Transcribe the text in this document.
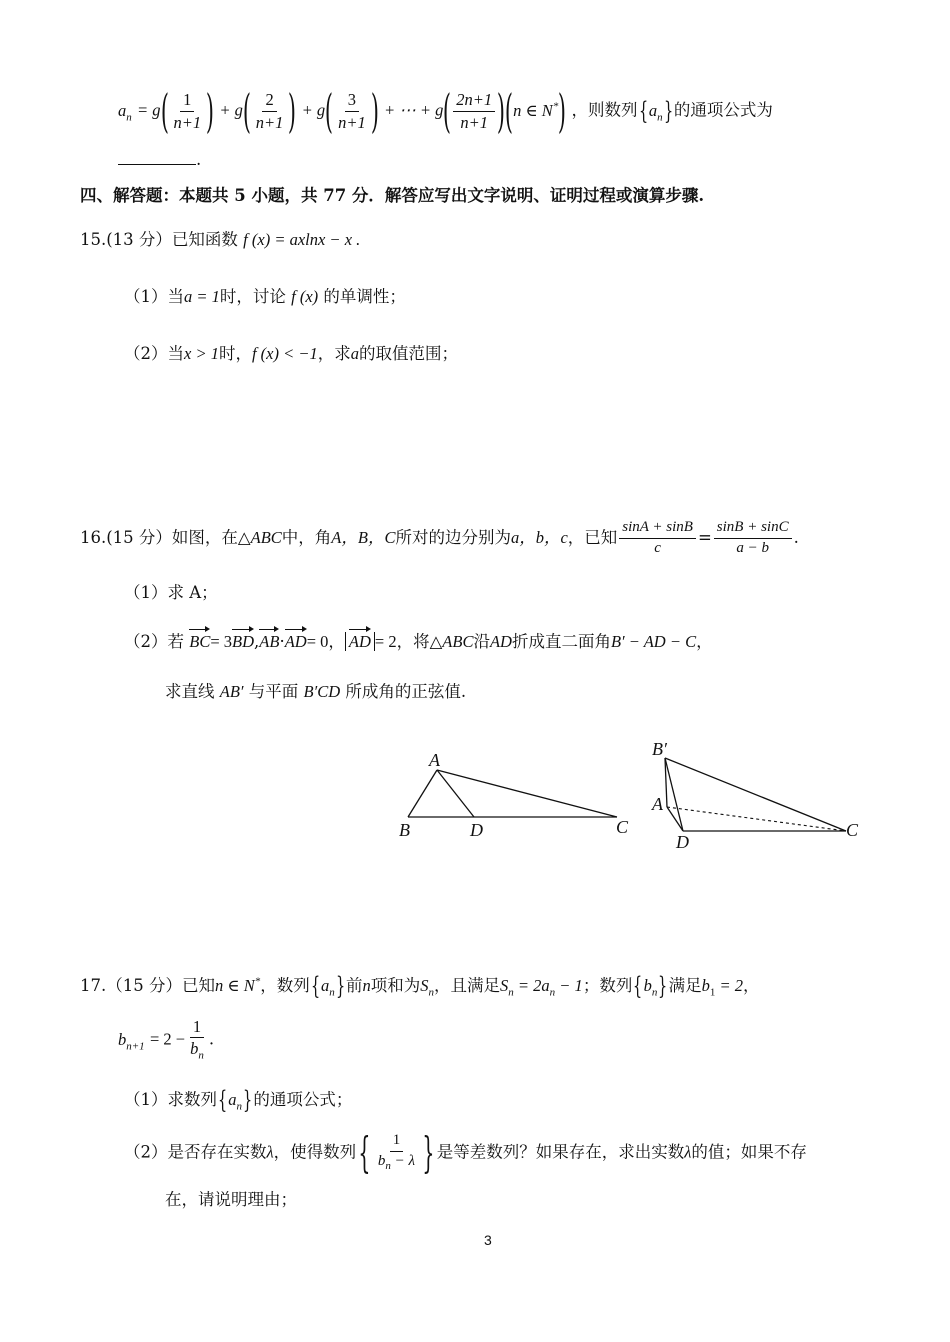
$a_n = g( \frac{1}{n+1}$ ) + $g( \frac{2}{n+1}$ ) + $g( \frac{3}{n+1}$ ) + ⋯ + $g( \frac{2n+1}{n+1} )(n$ ∈ N*) ，则数列$\{a_n\}$的通项公式为
.
四、解答题：本题共 5 小题，共 77 分．解答应写出文字说明、证明过程或演算步骤.
15.(13 分）已知函数 f (x) = axlnx − x .
（1）当a = 1时，讨论 f (x) 的单调性；
（2）当x > 1时，f (x) < −1，求a的取值范围；
16.(15 分）如图，在△ABC中，角A，B，C所对的边分别为a，b，c，已知 $\frac{\sin A + \sin B}{c} = \frac{\sin B + \sin C}{a - b}$ .
（1）求 A；
（2）若 BC= 3BD,AB·AD= 0， AD = 2，将△ABC沿AD折成直二面角B′ − AD − C，
求直线 AB′ 与平面 B′CD 所成角的正弦值.
A
B	D	C
B′
A
D
C
17.（15 分）已知n ∈ N*，数列$\{a_n\}$前n项和为$S_n$，且满足$S_n = 2a_n - 1$；数列$\{b_n\}$满足$b_1 = 2$，
$b_{n+1} = 2 - \frac{1}{b_n}$ .
（1）求数列$\{a_n\}$的通项公式；
（2）是否存在实数λ，使得数列{ $\frac{1}{b_n - \lambda}$ } 是等差数列？如果存在，求出实数λ的值；如果不存
在，请说明理由；
3
